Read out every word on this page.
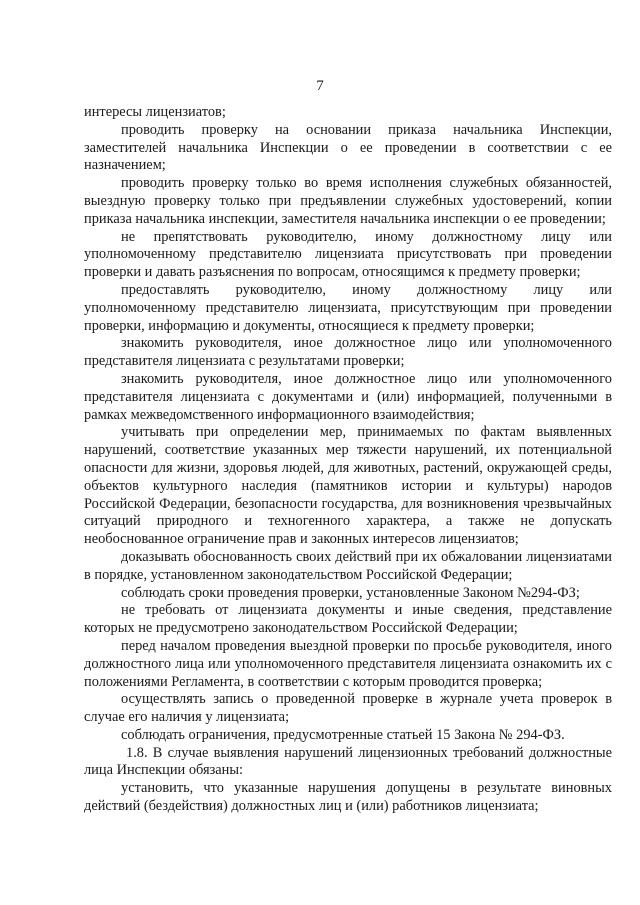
7

интересы лицензиатов;

проводить проверку на основании приказа начальника Инспекции, заместителей начальника Инспекции о ее проведении в соответствии с ее назначением;

проводить проверку только во время исполнения служебных обязанностей, выездную проверку только при предъявлении служебных удостоверений, копии приказа начальника инспекции, заместителя начальника инспекции о ее проведении;

не препятствовать руководителю, иному должностному лицу или уполномоченному представителю лицензиата присутствовать при проведении проверки и давать разъяснения по вопросам, относящимся к предмету проверки;

предоставлять руководителю, иному должностному лицу или уполномоченному представителю лицензиата, присутствующим при проведении проверки, информацию и документы, относящиеся к предмету проверки;

знакомить руководителя, иное должностное лицо или уполномоченного представителя лицензиата с результатами проверки;

знакомить руководителя, иное должностное лицо или уполномоченного представителя лицензиата с документами и (или) информацией, полученными в рамках межведомственного информационного взаимодействия;

учитывать при определении мер, принимаемых по фактам выявленных нарушений, соответствие указанных мер тяжести нарушений, их потенциальной опасности для жизни, здоровья людей, для животных, растений, окружающей среды, объектов культурного наследия (памятников истории и культуры) народов Российской Федерации, безопасности государства, для возникновения чрезвычайных ситуаций природного и техногенного характера, а также не допускать необоснованное ограничение прав и законных интересов лицензиатов;

доказывать обоснованность своих действий при их обжаловании лицензиатами в порядке, установленном законодательством Российской Федерации;

соблюдать сроки проведения проверки, установленные Законом №294-ФЗ;

не требовать от лицензиата документы и иные сведения, представление которых не предусмотрено законодательством Российской Федерации;

перед началом проведения выездной проверки по просьбе руководителя, иного должностного лица или уполномоченного представителя лицензиата ознакомить их с положениями Регламента, в соответствии с которым проводится проверка;

осуществлять запись о проведенной проверке в журнале учета проверок в случае его наличия у лицензиата;

соблюдать ограничения, предусмотренные статьей 15 Закона № 294-ФЗ.

1.8. В случае выявления нарушений лицензионных требований должностные лица Инспекции обязаны:

установить, что указанные нарушения допущены в результате виновных действий (бездействия) должностных лиц и (или) работников лицензиата;
